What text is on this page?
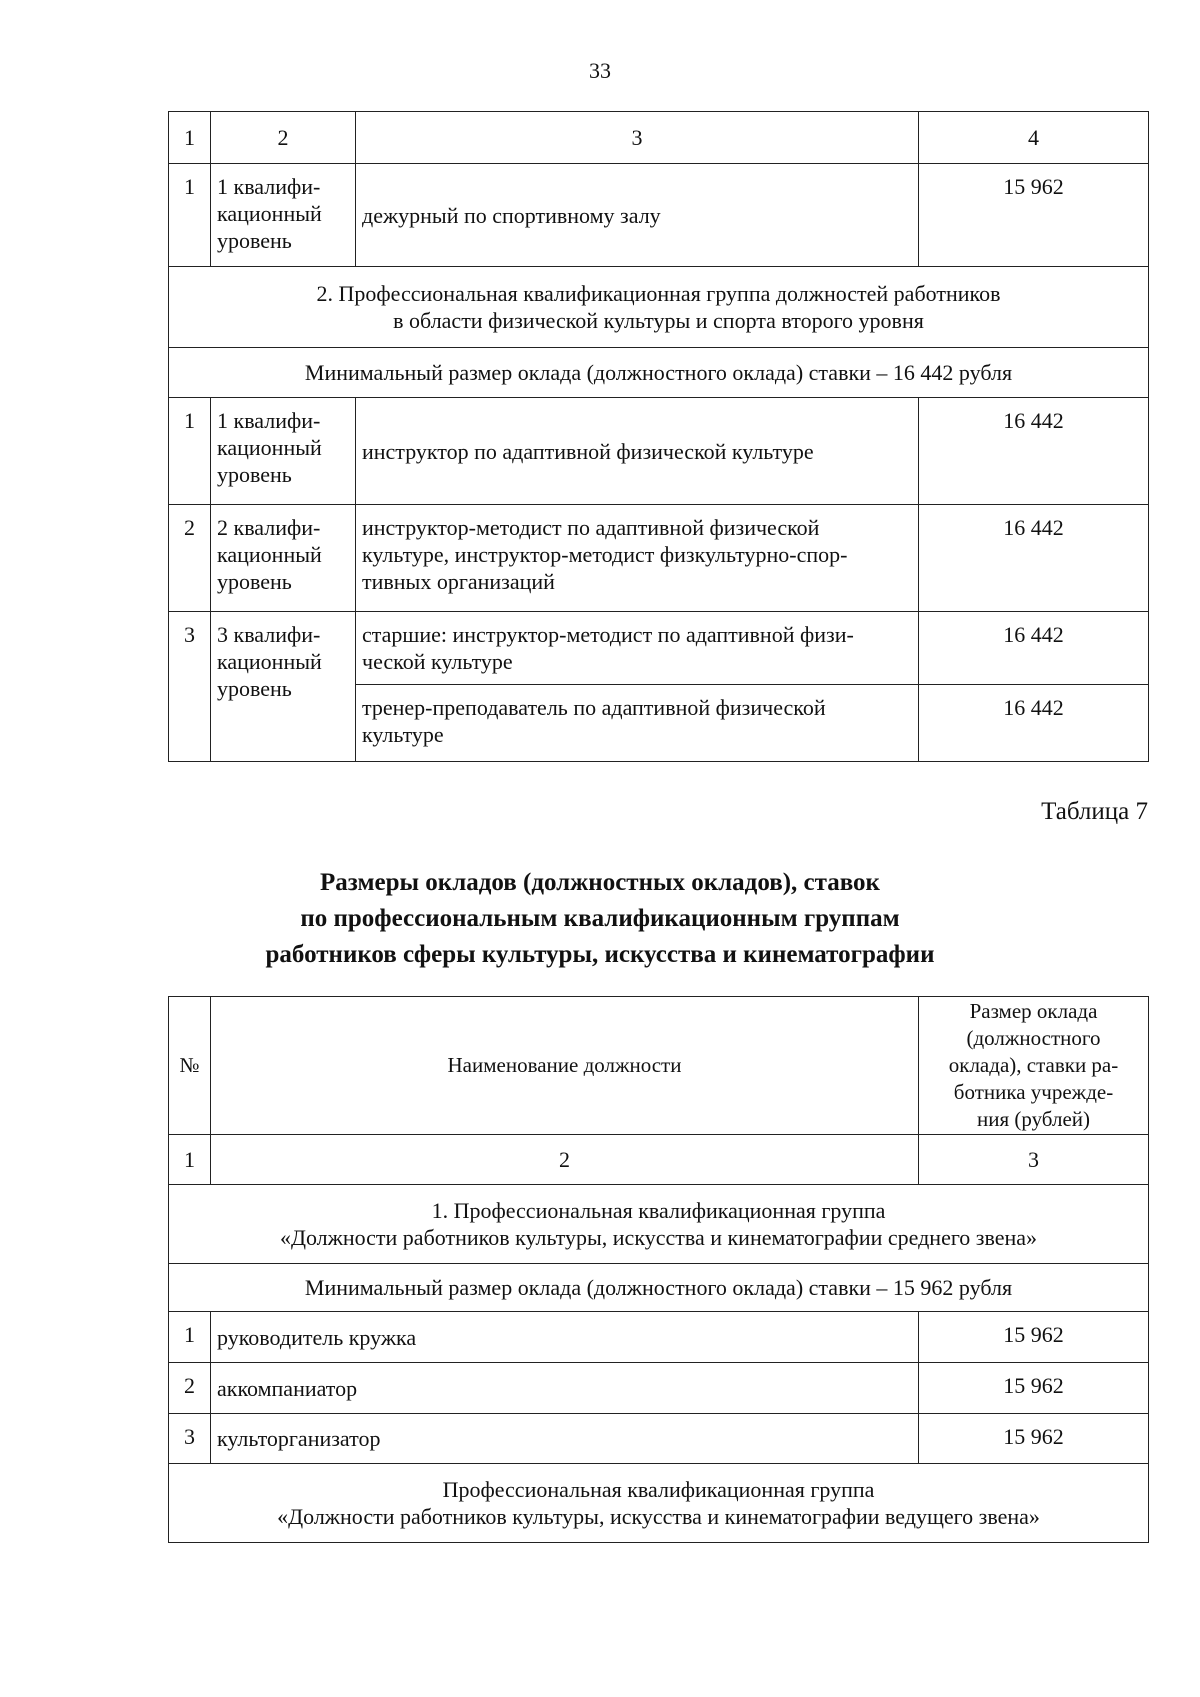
33
1	2	3	4
1	1 квалифи-
кационный
уровень	дежурный по спортивному залу	15 962
2. Профессиональная квалификационная группа должностей работников
в области физической культуры и спорта второго уровня			
Минимальный размер оклада (должностного оклада) ставки – 16 442 рубля			
1	1 квалифи-
кационный
уровень	инструктор по адаптивной физической культуре	16 442
2	2 квалифи-
кационный
уровень	инструктор-методист по адаптивной физической
культуре, инструктор-методист физкультурно-спор-
тивных организаций	16 442
3	3 квалифи-
кационный
уровень	старшие: инструктор-методист по адаптивной физи-
ческой культуре	16 442
		тренер-преподаватель по адаптивной физической
культуре	16 442
Таблица 7
Размеры окладов (должностных окладов), ставок
по профессиональным квалификационным группам
работников сферы культуры, искусства и кинематографии
№	Наименование должности	Размер оклада
(должностного
оклада), ставки ра-
ботника учрежде-
ния (рублей)
1	2	3
1. Профессиональная квалификационная группа
«Должности работников культуры, искусства и кинематографии среднего звена»		
Минимальный размер оклада (должностного оклада) ставки – 15 962 рубля		
1	руководитель кружка	15 962
2	аккомпаниатор	15 962
3	культорганизатор	15 962
Профессиональная квалификационная группа
«Должности работников культуры, искусства и кинематографии ведущего звена»		
